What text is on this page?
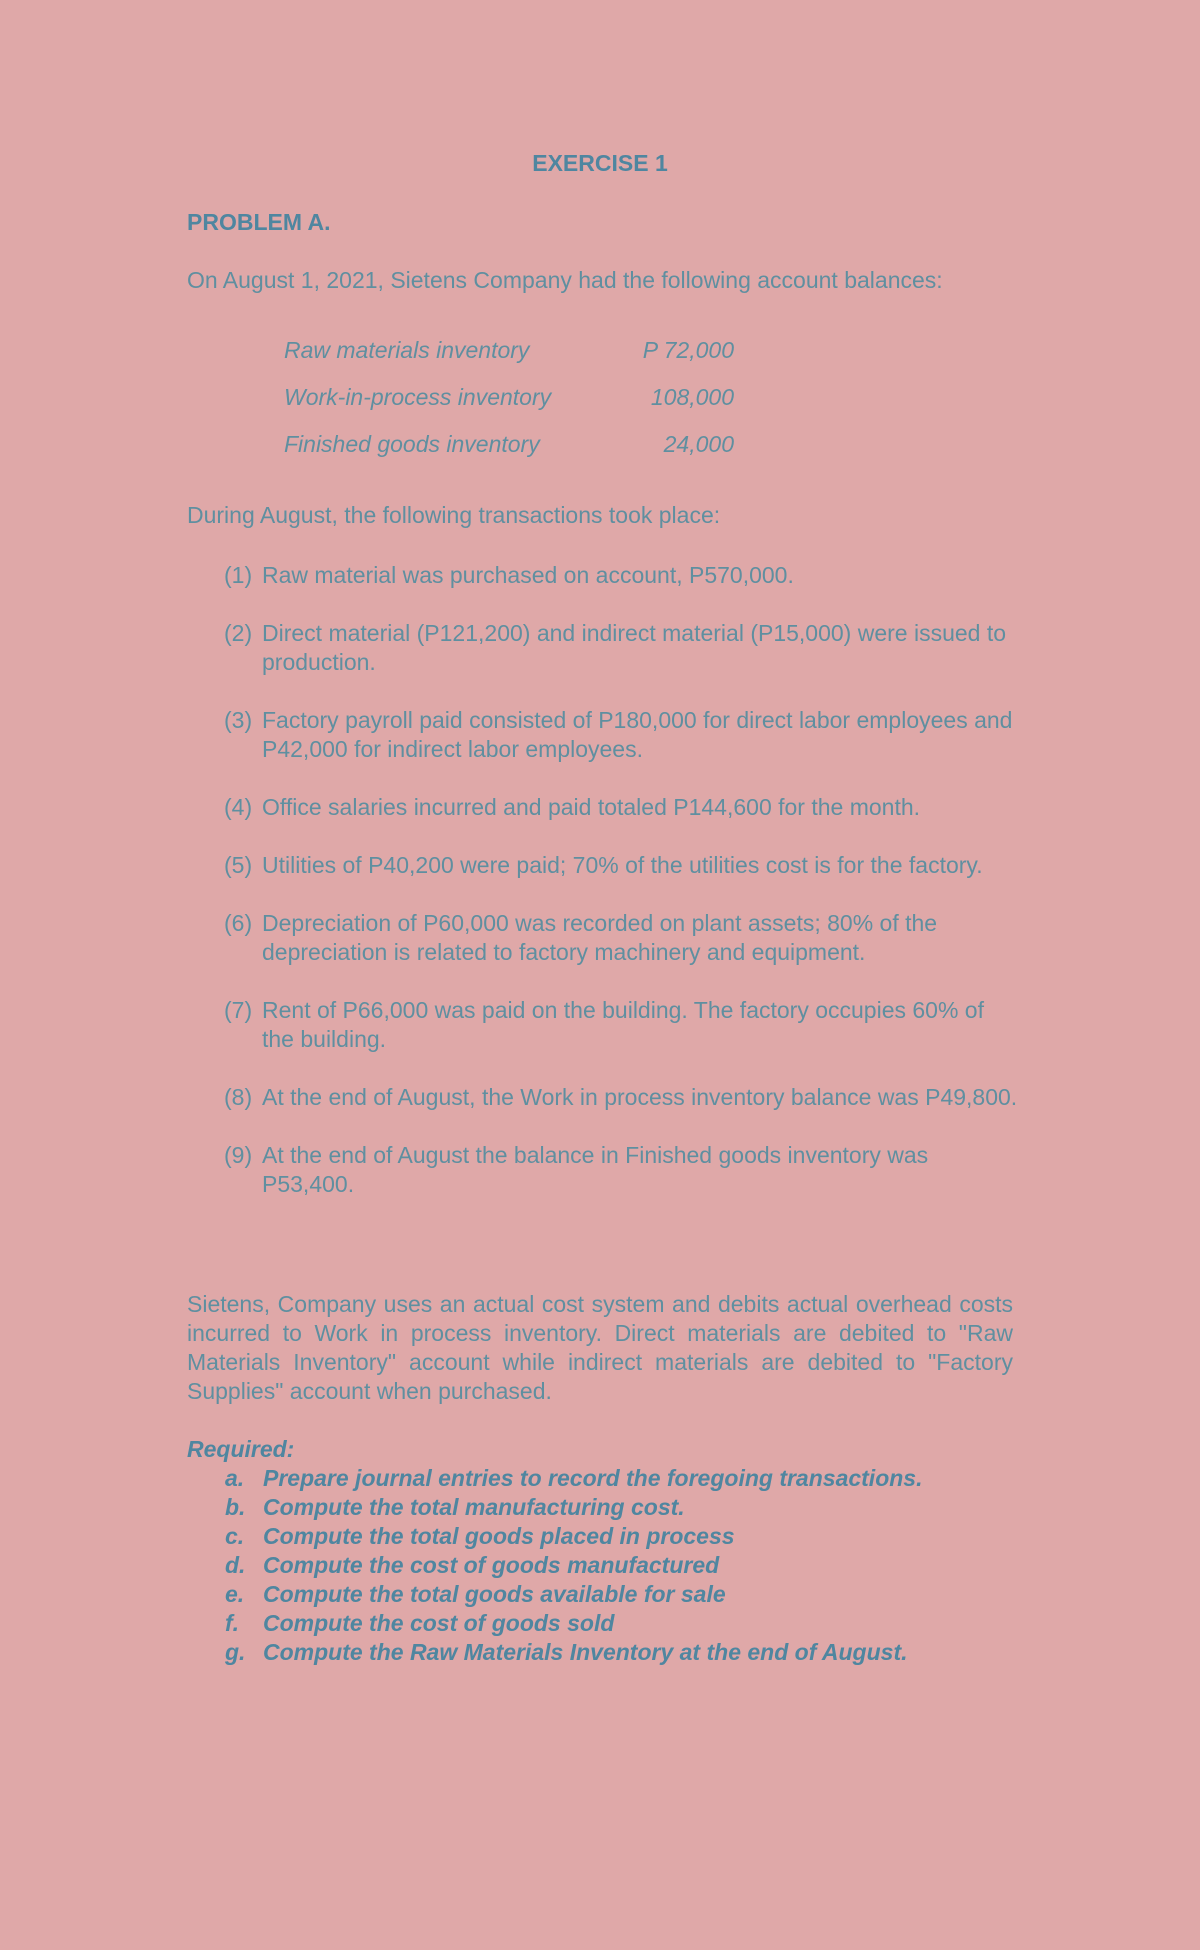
EXERCISE 1
PROBLEM A.
On August 1, 2021, Sietens Company had the following account balances:
Raw materials inventory	P 72,000
Work-in-process inventory	108,000
Finished goods inventory	24,000
During August, the following transactions took place:
(1) Raw material was purchased on account, P570,000.
(2) Direct material (P121,200) and indirect material (P15,000) were issued to production.
(3) Factory payroll paid consisted of P180,000 for direct labor employees and P42,000 for indirect labor employees.
(4) Office salaries incurred and paid totaled P144,600 for the month.
(5) Utilities of P40,200 were paid; 70% of the utilities cost is for the factory.
(6) Depreciation of P60,000 was recorded on plant assets; 80% of the depreciation is related to factory machinery and equipment.
(7) Rent of P66,000 was paid on the building. The factory occupies 60% of the building.
(8) At the end of August, the Work in process inventory balance was P49,800.
(9) At the end of August the balance in Finished goods inventory was P53,400.
Sietens, Company uses an actual cost system and debits actual overhead costs incurred to Work in process inventory. Direct materials are debited to "Raw Materials Inventory" account while indirect materials are debited to "Factory Supplies" account when purchased.
Required:
a. Prepare journal entries to record the foregoing transactions.
b. Compute the total manufacturing cost.
c. Compute the total goods placed in process
d. Compute the cost of goods manufactured
e. Compute the total goods available for sale
f. Compute the cost of goods sold
g. Compute the Raw Materials Inventory at the end of August.
